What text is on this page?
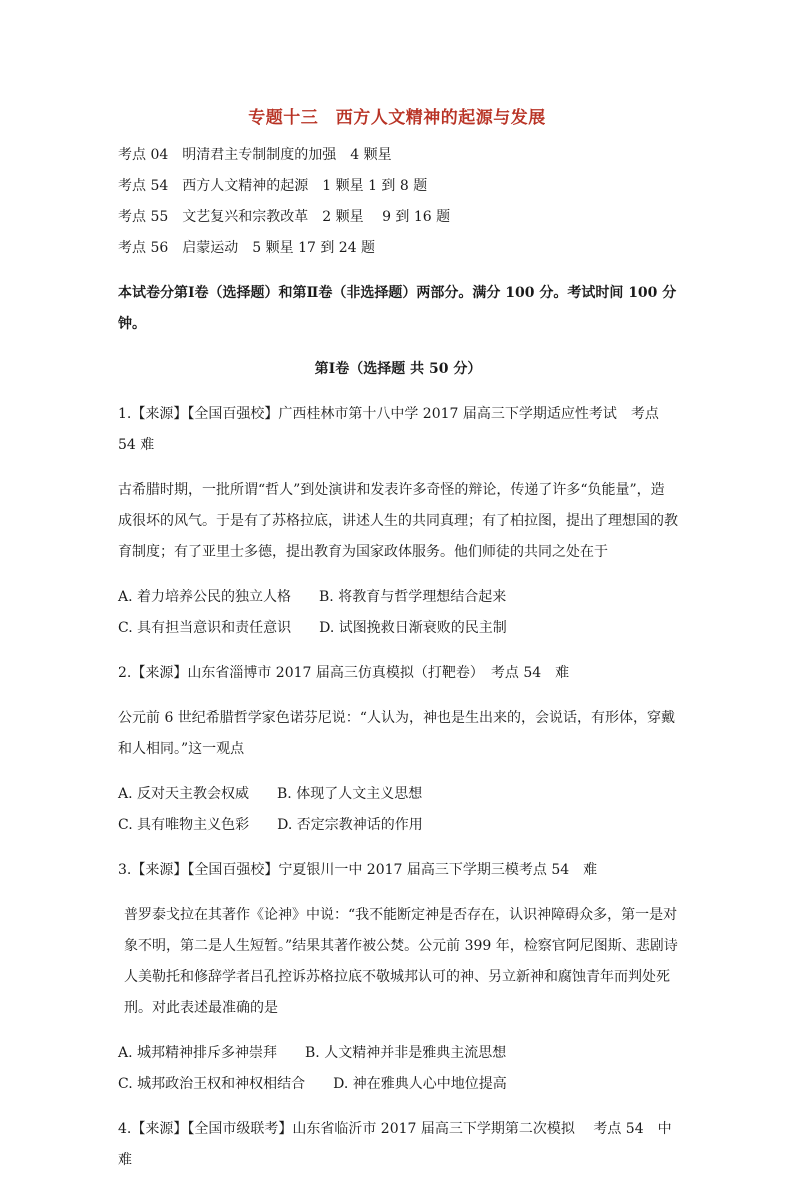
专题十三　西方人文精神的起源与发展

考点 04　明清君主专制制度的加强　4 颗星

考点 54　西方人文精神的起源　1 颗星 1 到 8 题

考点 55　文艺复兴和宗教改革　2 颗星　 9 到 16 题

考点 56　启蒙运动　5 颗星 17 到 24 题

本试卷分第Ⅰ卷（选择题）和第Ⅱ卷（非选择题）两部分。满分 100 分。考试时间 100 分钟。

第Ⅰ卷（选择题 共 50 分）

1.【来源】【全国百强校】广西桂林市第十八中学 2017 届高三下学期适应性考试　考点 54 难

古希腊时期，一批所谓“哲人”到处演讲和发表许多奇怪的辩论，传递了许多“负能量”，造成很坏的风气。于是有了苏格拉底，讲述人生的共同真理；有了柏拉图，提出了理想国的教育制度；有了亚里士多德，提出教育为国家政体服务。他们师徒的共同之处在于

A. 着力培养公民的独立人格 B. 将教育与哲学理想结合起来

C. 具有担当意识和责任意识 D. 试图挽救日渐衰败的民主制

2.【来源】山东省淄博市 2017 届高三仿真模拟（打靶卷）　考点 54　难

公元前 6 世纪希腊哲学家色诺芬尼说：“人认为，神也是生出来的，会说话，有形体，穿戴和人相同。”这一观点

A. 反对天主教会权威 B. 体现了人文主义思想

C. 具有唯物主义色彩 D. 否定宗教神话的作用

3.【来源】【全国百强校】宁夏银川一中 2017 届高三下学期三模考点 54　难

普罗泰戈拉在其著作《论神》中说：“我不能断定神是否存在，认识神障碍众多，第一是对象不明，第二是人生短暂。”结果其著作被公焚。公元前 399 年，检察官阿尼图斯、悲剧诗人美勒托和修辞学者吕孔控诉苏格拉底不敬城邦认可的神、另立新神和腐蚀青年而判处死刑。对此表述最准确的是

A. 城邦精神排斥多神崇拜 B. 人文精神并非是雅典主流思想

C. 城邦政治王权和神权相结合 D. 神在雅典人心中地位提高

4.【来源】【全国市级联考】山东省临沂市 2017 届高三下学期第二次模拟　 考点 54　中难
